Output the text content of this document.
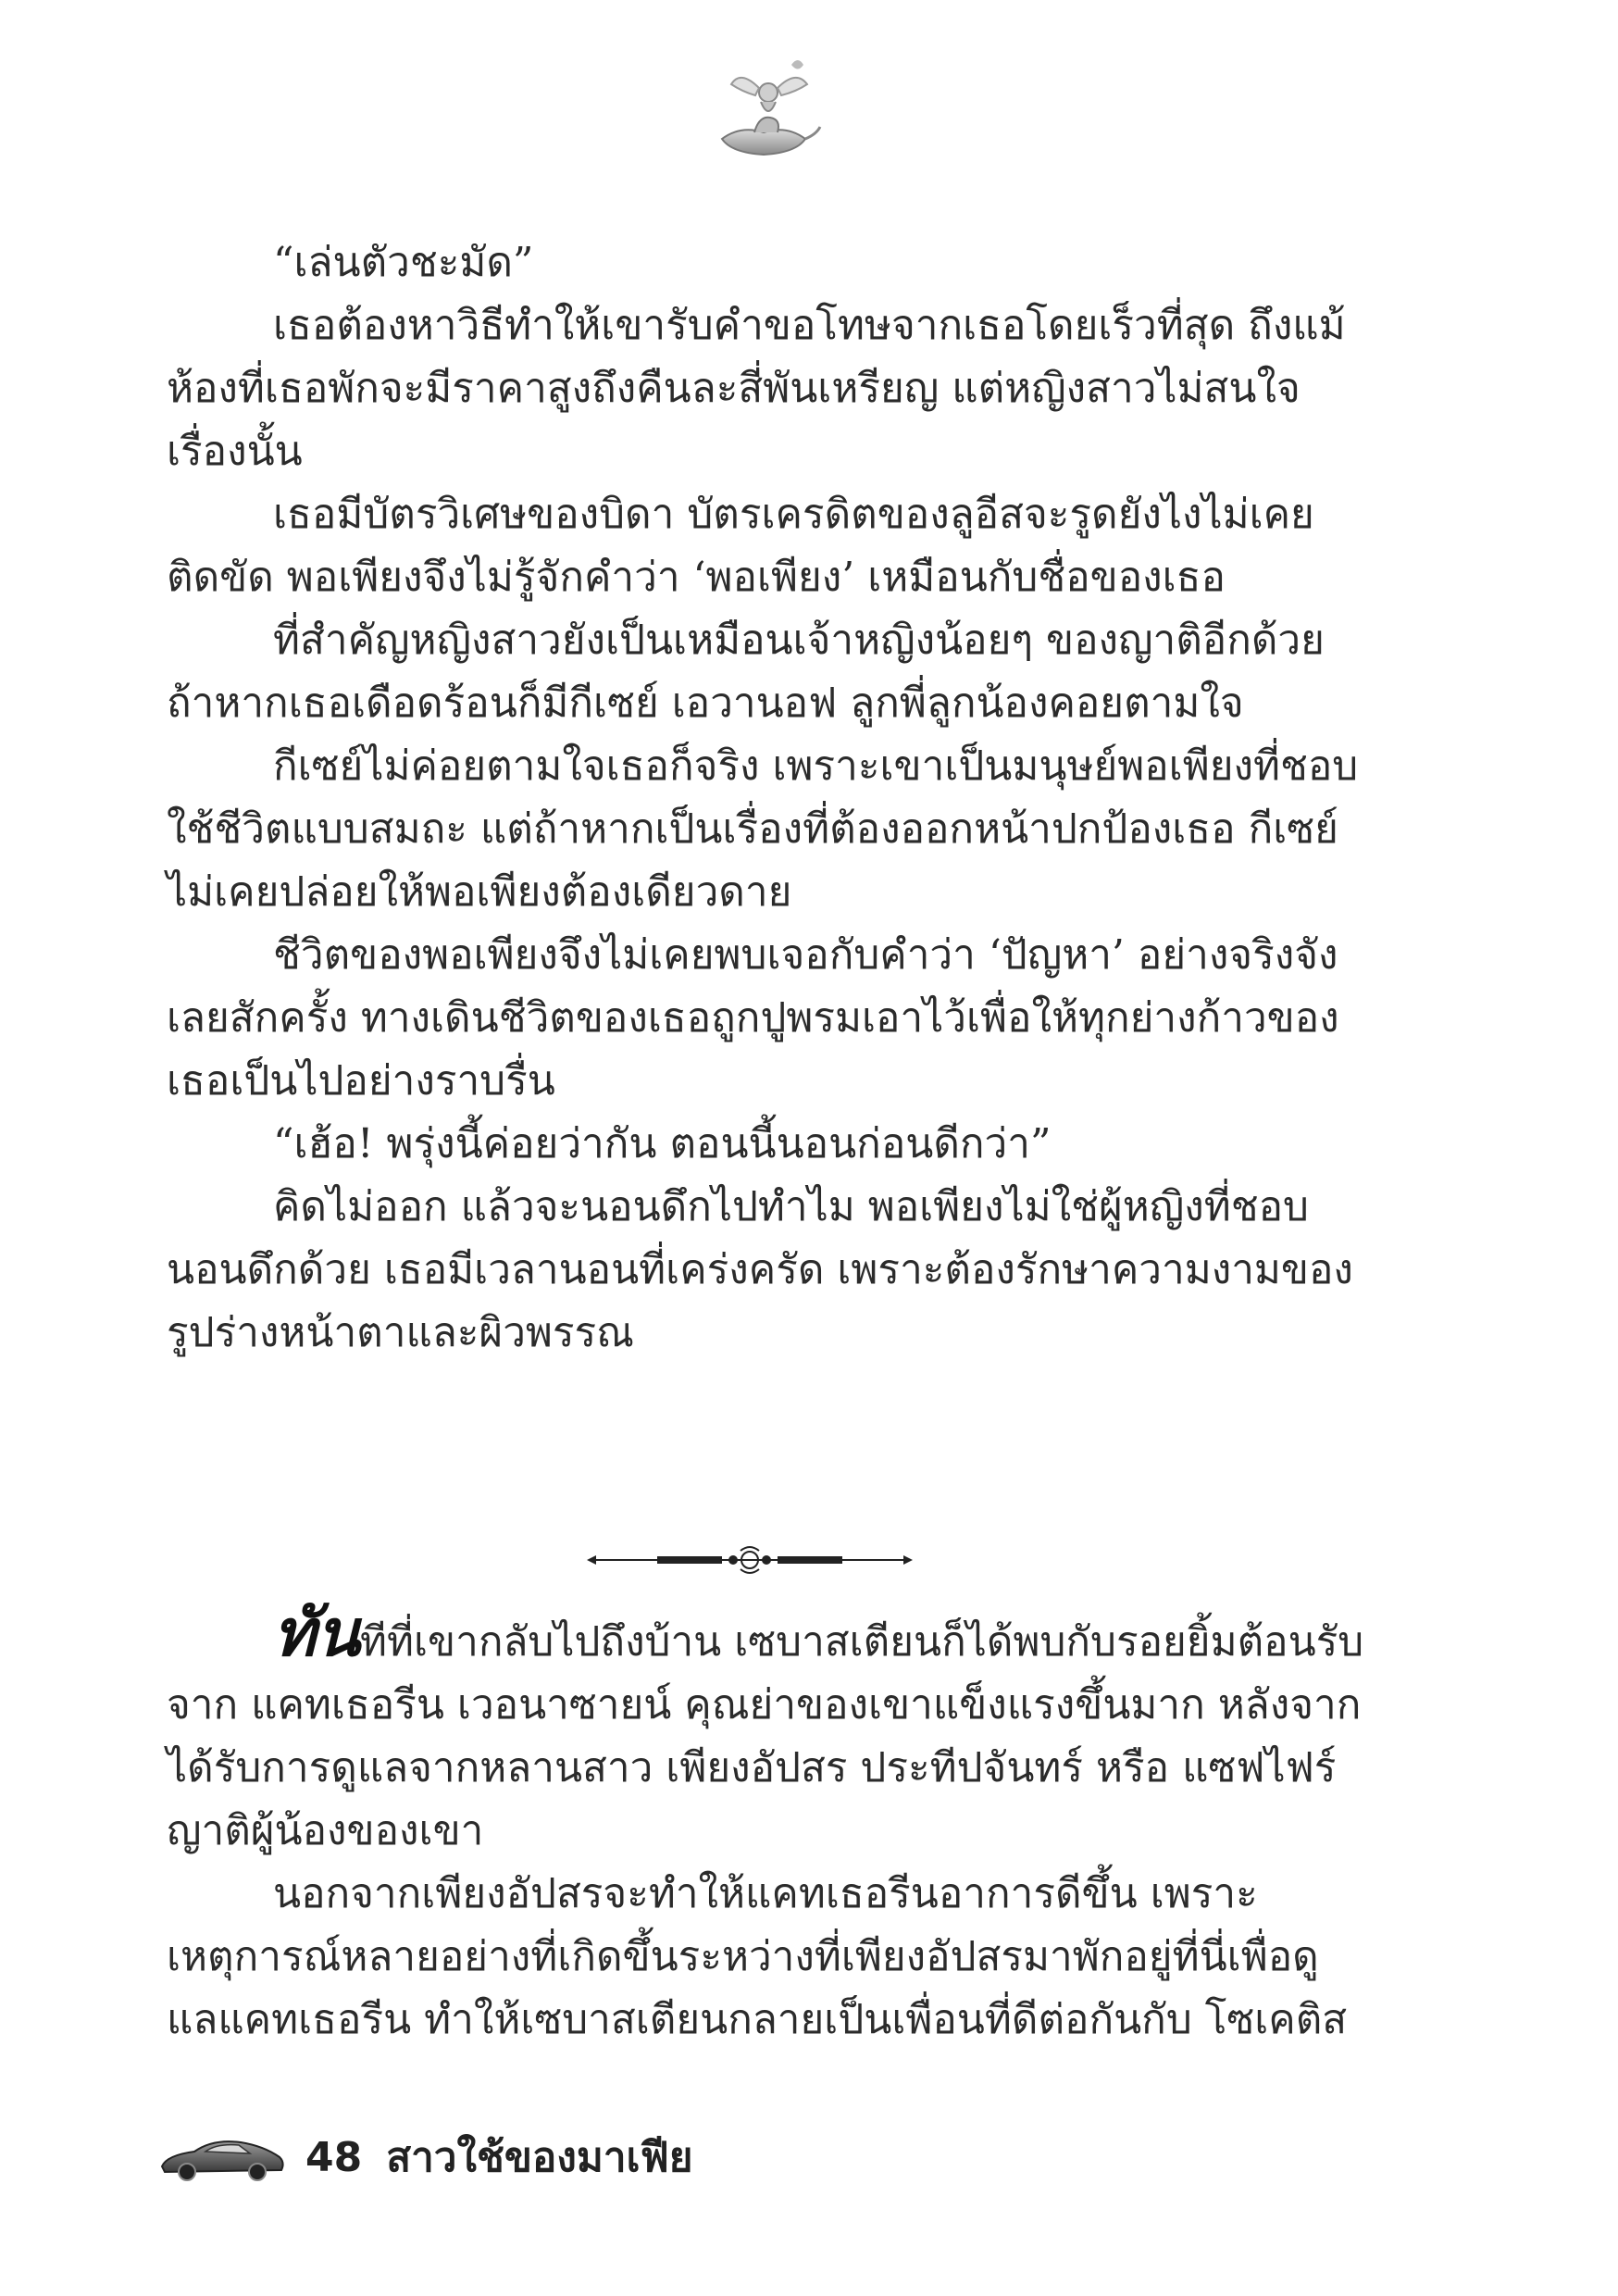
“เล่นตัวชะมัด”
เธอต้องหาวิธีทำให้เขารับคำขอโทษจากเธอโดยเร็วที่สุด ถึงแม้
ห้องที่เธอพักจะมีราคาสูงถึงคืนละสี่พันเหรียญ แต่หญิงสาวไม่สนใจ
เรื่องนั้น
เธอมีบัตรวิเศษของบิดา บัตรเครดิตของลูอีสจะรูดยังไงไม่เคย
ติดขัด พอเพียงจึงไม่รู้จักคำว่า ‘พอเพียง’ เหมือนกับชื่อของเธอ
ที่สำคัญหญิงสาวยังเป็นเหมือนเจ้าหญิงน้อยๆ ของญาติอีกด้วย
ถ้าหากเธอเดือดร้อนก็มีกีเซย์ เอวานอฟ ลูกพี่ลูกน้องคอยตามใจ
กีเซย์ไม่ค่อยตามใจเธอก็จริง เพราะเขาเป็นมนุษย์พอเพียงที่ชอบ
ใช้ชีวิตแบบสมถะ แต่ถ้าหากเป็นเรื่องที่ต้องออกหน้าปกป้องเธอ กีเซย์
ไม่เคยปล่อยให้พอเพียงต้องเดียวดาย
ชีวิตของพอเพียงจึงไม่เคยพบเจอกับคำว่า ‘ปัญหา’ อย่างจริงจัง
เลยสักครั้ง ทางเดินชีวิตของเธอถูกปูพรมเอาไว้เพื่อให้ทุกย่างก้าวของ
เธอเป็นไปอย่างราบรื่น
“เฮ้อ! พรุ่งนี้ค่อยว่ากัน ตอนนี้นอนก่อนดีกว่า”
คิดไม่ออก แล้วจะนอนดึกไปทำไม พอเพียงไม่ใช่ผู้หญิงที่ชอบ
นอนดึกด้วย เธอมีเวลานอนที่เคร่งครัด เพราะต้องรักษาความงามของ
รูปร่างหน้าตาและผิวพรรณ
ทันทีที่เขากลับไปถึงบ้าน เซบาสเตียนก็ได้พบกับรอยยิ้มต้อนรับ
จาก แคทเธอรีน เวอนาซายน์ คุณย่าของเขาแข็งแรงขึ้นมาก หลังจาก
ได้รับการดูแลจากหลานสาว เพียงอัปสร ประทีปจันทร์ หรือ แซฟไฟร์
ญาติผู้น้องของเขา
นอกจากเพียงอัปสรจะทำให้แคทเธอรีนอาการดีขึ้น เพราะ
เหตุการณ์หลายอย่างที่เกิดขึ้นระหว่างที่เพียงอัปสรมาพักอยู่ที่นี่เพื่อดู
แลแคทเธอรีน ทำให้เซบาสเตียนกลายเป็นเพื่อนที่ดีต่อกันกับ โซเคติส
48 สาวใช้ของมาเฟีย
